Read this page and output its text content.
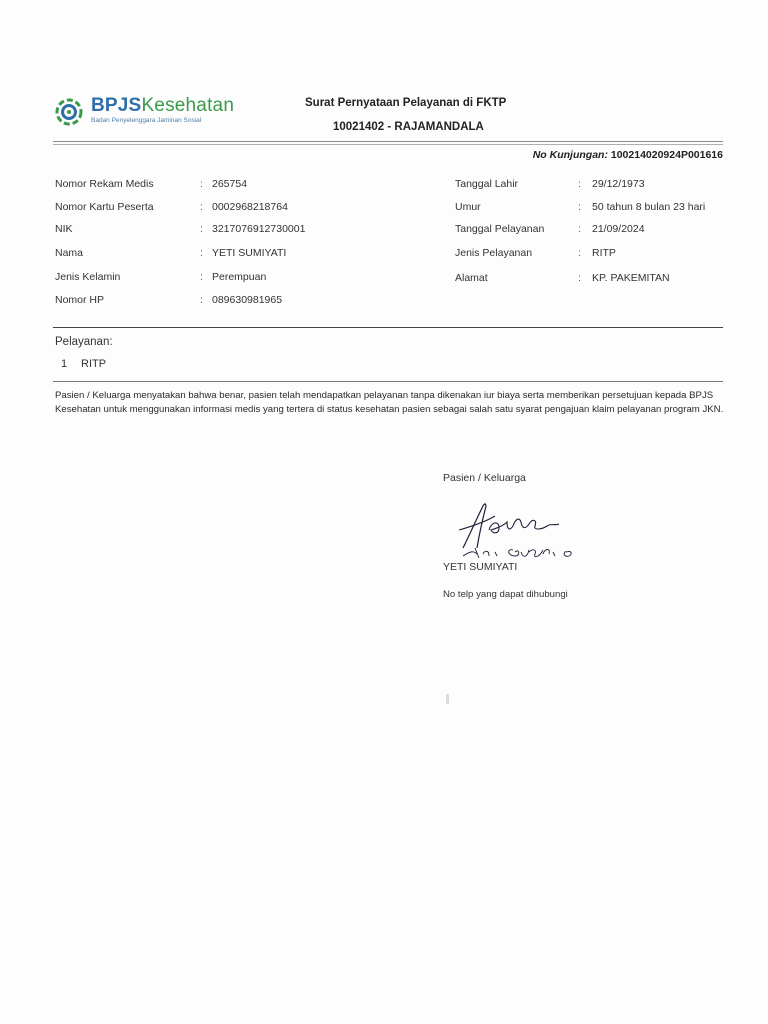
BPJSKesehatan
Badan Penyelenggara Jaminan Sosial
Surat Pernyataan Pelayanan di FKTP
10021402 - RAJAMANDALA
No Kunjungan: 100214020924P001616
Nomor Rekam Medis	: 265754
Nomor Kartu Peserta	: 0002968218764
NIK	: 3217076912730001
Nama	: YETI SUMIYATI
Jenis Kelamin	: Perempuan
Nomor HP	: 089630981965
Tanggal Lahir	: 29/12/1973
Umur	: 50 tahun 8 bulan 23 hari
Tanggal Pelayanan	: 21/09/2024
Jenis Pelayanan	: RITP
Alamat	: KP. PAKEMITAN
Pelayanan:
1 RITP
Pasien / Keluarga menyatakan bahwa benar, pasien telah mendapatkan pelayanan tanpa dikenakan iur biaya serta memberikan persetujuan kepada BPJS Kesehatan untuk menggunakan informasi medis yang tertera di status kesehatan pasien sebagai salah satu syarat pengajuan klaim pelayanan program JKN.
Pasien / Keluarga
YETI SUMIYATI
No telp yang dapat dihubungi
